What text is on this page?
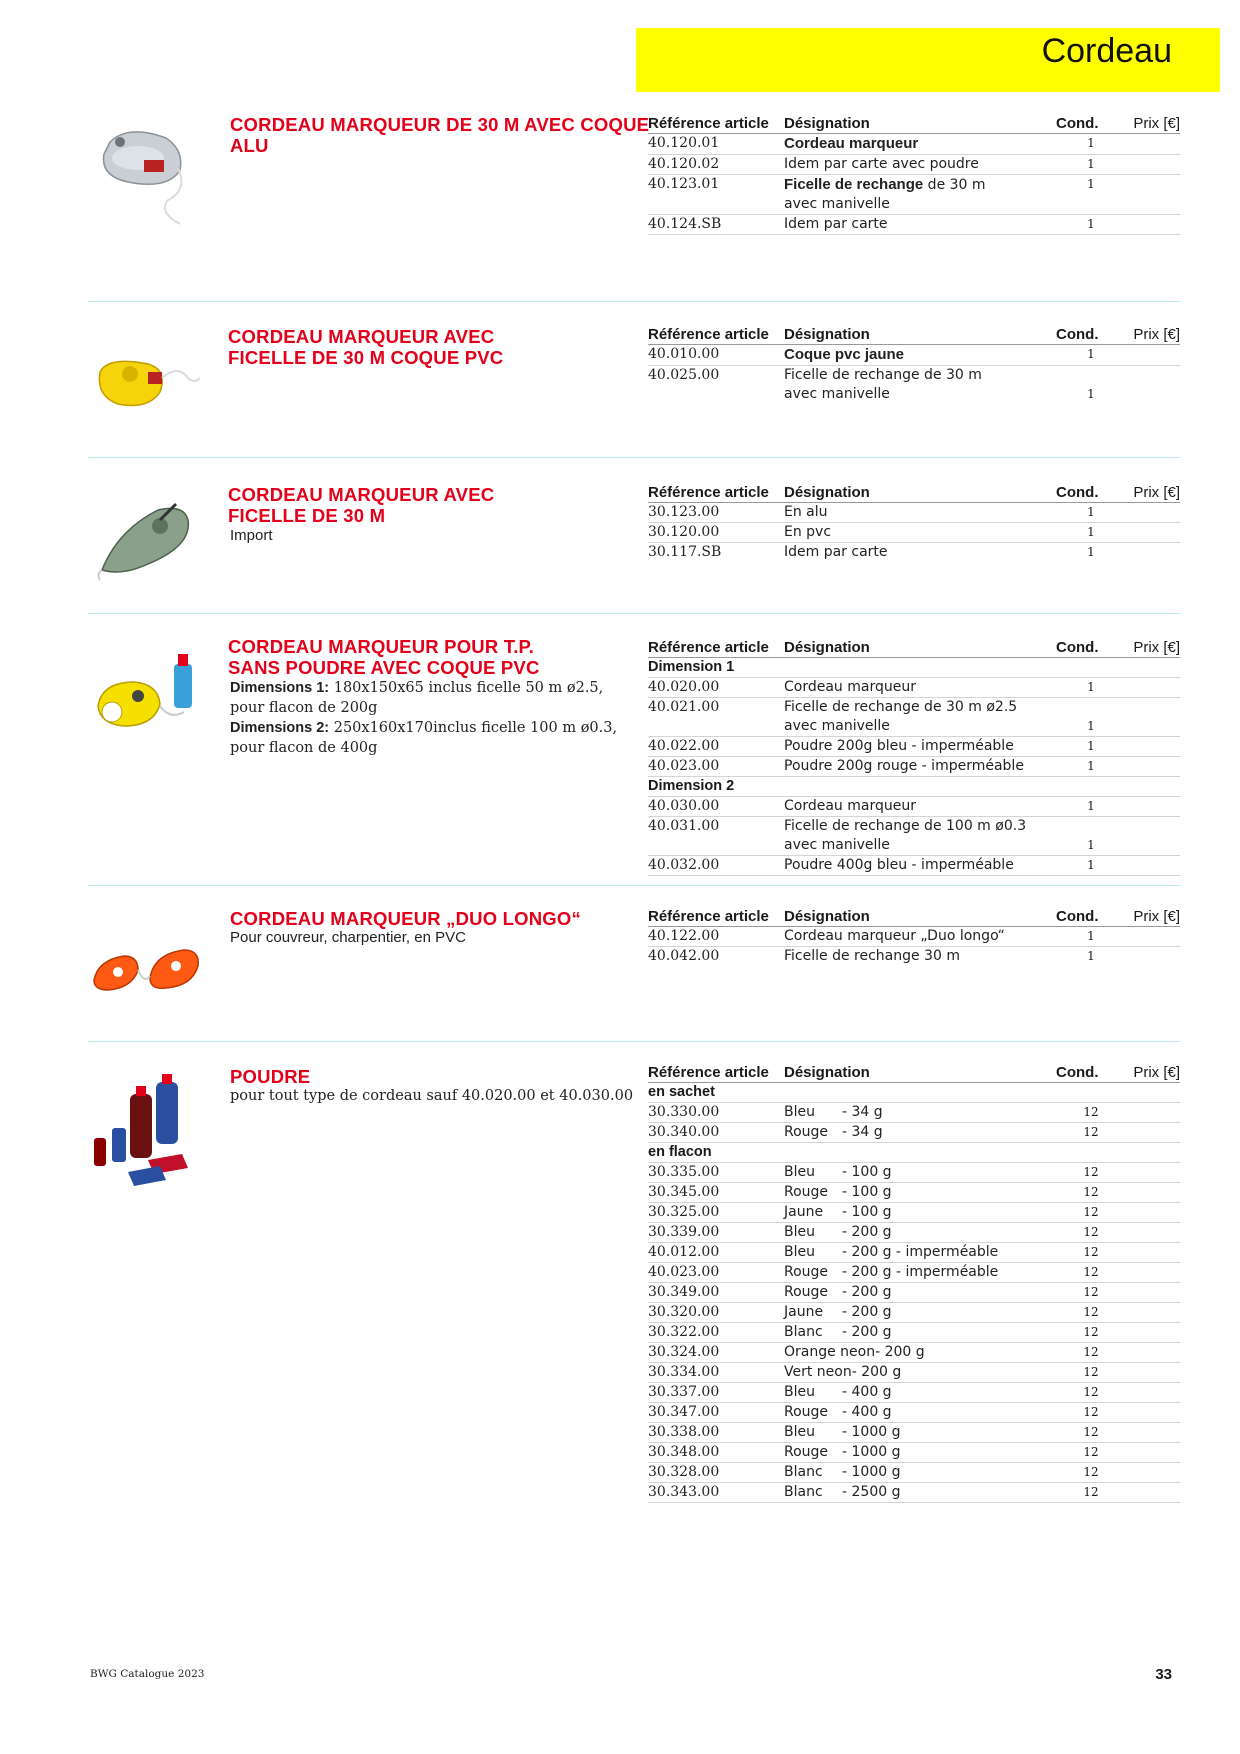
Cordeau
CORDEAU MARQUEUR DE 30 M AVEC COQUE ALU
Référence article	Désignation	Cond.	Prix [€]
40.120.01	Cordeau marqueur	1	
40.120.02	Idem par carte avec poudre	1	
40.123.01	Ficelle de rechange de 30 m
avec manivelle	1	
40.124.SB	Idem par carte	1	
CORDEAU MARQUEUR AVEC FICELLE DE 30 M COQUE PVC
Référence article	Désignation	Cond.	Prix [€]
40.010.00	Coque pvc jaune	1	
40.025.00	Ficelle de rechange de 30 m
avec manivelle	1	
CORDEAU MARQUEUR AVEC FICELLE DE 30 M
Import
Référence article	Désignation	Cond.	Prix [€]
30.123.00	En alu	1	
30.120.00	En pvc	1	
30.117.SB	Idem par carte	1	
CORDEAU MARQUEUR POUR T.P. SANS POUDRE AVEC COQUE PVC
Dimensions 1: 180x150x65 inclus ficelle 50 m ø2.5,
pour flacon de 200g
Dimensions 2: 250x160x170inclus ficelle 100 m ø0.3,
pour flacon de 400g
Référence article	Désignation	Cond.	Prix [€]
Dimension 1			
40.020.00	Cordeau marqueur	1	
40.021.00	Ficelle de rechange de 30 m ø2.5
avec manivelle	1	
40.022.00	Poudre 200g bleu - imperméable	1	
40.023.00	Poudre 200g rouge - imperméable	1	
Dimension 2			
40.030.00	Cordeau marqueur	1	
40.031.00	Ficelle de rechange de 100 m ø0.3
avec manivelle	1	
40.032.00	Poudre 400g bleu - imperméable	1	
CORDEAU MARQUEUR „DUO LONGO“
Pour couvreur, charpentier, en PVC
Référence article	Désignation	Cond.	Prix [€]
40.122.00	Cordeau marqueur „Duo longo“	1	
40.042.00	Ficelle de rechange 30 m	1	
POUDRE
pour tout type de cordeau sauf 40.020.00 et 40.030.00
Référence article	Désignation	Cond.	Prix [€]
en sachet			
30.330.00	Bleu - 34 g	12	
30.340.00	Rouge - 34 g	12	
en flacon			
30.335.00	Bleu - 100 g	12	
30.345.00	Rouge - 100 g	12	
30.325.00	Jaune - 100 g	12	
30.339.00	Bleu - 200 g	12	
40.012.00	Bleu - 200 g - imperméable	12	
40.023.00	Rouge - 200 g - imperméable	12	
30.349.00	Rouge - 200 g	12	
30.320.00	Jaune - 200 g	12	
30.322.00	Blanc - 200 g	12	
30.324.00	Orange neon- 200 g	12	
30.334.00	Vert neon- 200 g	12	
30.337.00	Bleu - 400 g	12	
30.347.00	Rouge - 400 g	12	
30.338.00	Bleu - 1000 g	12	
30.348.00	Rouge - 1000 g	12	
30.328.00	Blanc - 1000 g	12	
30.343.00	Blanc - 2500 g	12	
BWG Catalogue 2023	33
